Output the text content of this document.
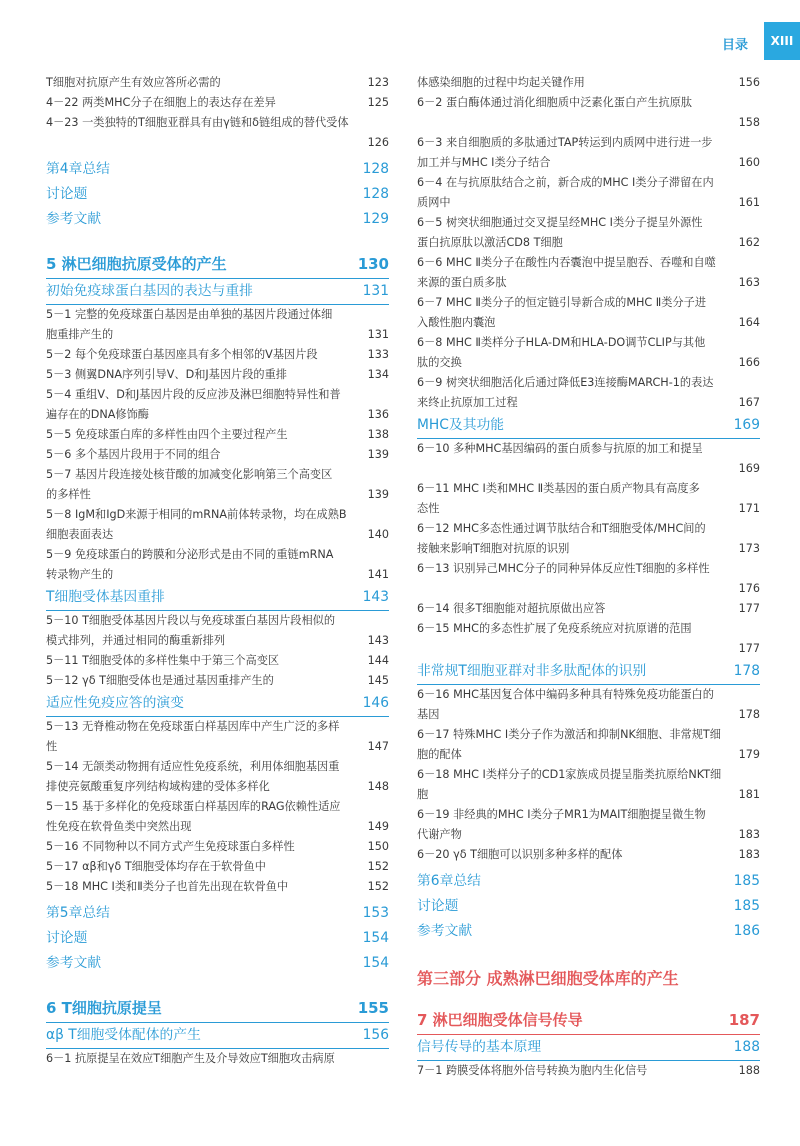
目录	XIII
T细胞对抗原产生有效应答所必需的	123
4－22 两类MHC分子在细胞上的表达存在差异	125
4－23 一类独特的T细胞亚群具有由γ链和δ链组成的替代受体
126
第4章总结	128
讨论题	128
参考文献	129
5 淋巴细胞抗原受体的产生	130
初始免疫球蛋白基因的表达与重排	131
5－1 完整的免疫球蛋白基因是由单独的基因片段通过体细
胞重排产生的	131
5－2 每个免疫球蛋白基因座具有多个相邻的V基因片段	133
5－3 侧翼DNA序列引导V、D和J基因片段的重排	134
5－4 重组V、D和J基因片段的反应涉及淋巴细胞特异性和普
遍存在的DNA修饰酶	136
5－5 免疫球蛋白库的多样性由四个主要过程产生	138
5－6 多个基因片段用于不同的组合	139
5－7 基因片段连接处核苷酸的加减变化影响第三个高变区
的多样性	139
5－8 IgM和IgD来源于相同的mRNA前体转录物，均在成熟B
细胞表面表达	140
5－9 免疫球蛋白的跨膜和分泌形式是由不同的重链mRNA
转录物产生的	141
T细胞受体基因重排	143
5－10 T细胞受体基因片段以与免疫球蛋白基因片段相似的
模式排列，并通过相同的酶重新排列	143
5－11 T细胞受体的多样性集中于第三个高变区	144
5－12 γδ T细胞受体也是通过基因重排产生的	145
适应性免疫应答的演变	146
5－13 无脊椎动物在免疫球蛋白样基因库中产生广泛的多样
性	147
5－14 无颌类动物拥有适应性免疫系统，利用体细胞基因重
排使亮氨酸重复序列结构域构建的受体多样化	148
5－15 基于多样化的免疫球蛋白样基因库的RAG依赖性适应
性免疫在软骨鱼类中突然出现	149
5－16 不同物种以不同方式产生免疫球蛋白多样性	150
5－17 αβ和γδ T细胞受体均存在于软骨鱼中	152
5－18 MHC Ⅰ类和Ⅱ类分子也首先出现在软骨鱼中	152
第5章总结	153
讨论题	154
参考文献	154
6 T细胞抗原提呈	155
αβ T细胞受体配体的产生	156
6－1 抗原提呈在效应T细胞产生及介导效应T细胞攻击病原
体感染细胞的过程中均起关键作用	156
6－2 蛋白酶体通过消化细胞质中泛素化蛋白产生抗原肽
158
6－3 来自细胞质的多肽通过TAP转运到内质网中进行进一步
加工并与MHC Ⅰ类分子结合	160
6－4 在与抗原肽结合之前，新合成的MHC Ⅰ类分子滞留在内
质网中	161
6－5 树突状细胞通过交叉提呈经MHC Ⅰ类分子提呈外源性
蛋白抗原肽以激活CD8 T细胞	162
6－6 MHC Ⅱ类分子在酸性内吞囊泡中提呈胞吞、吞噬和自噬
来源的蛋白质多肽	163
6－7 MHC Ⅱ类分子的恒定链引导新合成的MHC Ⅱ类分子进
入酸性胞内囊泡	164
6－8 MHC Ⅱ类样分子HLA-DM和HLA-DO调节CLIP与其他
肽的交换	166
6－9 树突状细胞活化后通过降低E3连接酶MARCH-1的表达
来终止抗原加工过程	167
MHC及其功能	169
6－10 多种MHC基因编码的蛋白质参与抗原的加工和提呈
169
6－11 MHC Ⅰ类和MHC Ⅱ类基因的蛋白质产物具有高度多
态性	171
6－12 MHC多态性通过调节肽结合和T细胞受体/MHC间的
接触来影响T细胞对抗原的识别	173
6－13 识别异己MHC分子的同种异体反应性T细胞的多样性
176
6－14 很多T细胞能对超抗原做出应答	177
6－15 MHC的多态性扩展了免疫系统应对抗原谱的范围
177
非常规T细胞亚群对非多肽配体的识别	178
6－16 MHC基因复合体中编码多种具有特殊免疫功能蛋白的
基因	178
6－17 特殊MHC Ⅰ类分子作为激活和抑制NK细胞、非常规T细
胞的配体	179
6－18 MHC Ⅰ类样分子的CD1家族成员提呈脂类抗原给NKT细
胞	181
6－19 非经典的MHC Ⅰ类分子MR1为MAIT细胞提呈微生物
代谢产物	183
6－20 γδ T细胞可以识别多种多样的配体	183
第6章总结	185
讨论题	185
参考文献	186
第三部分 成熟淋巴细胞受体库的产生
7 淋巴细胞受体信号传导	187
信号传导的基本原理	188
7－1 跨膜受体将胞外信号转换为胞内生化信号	188
